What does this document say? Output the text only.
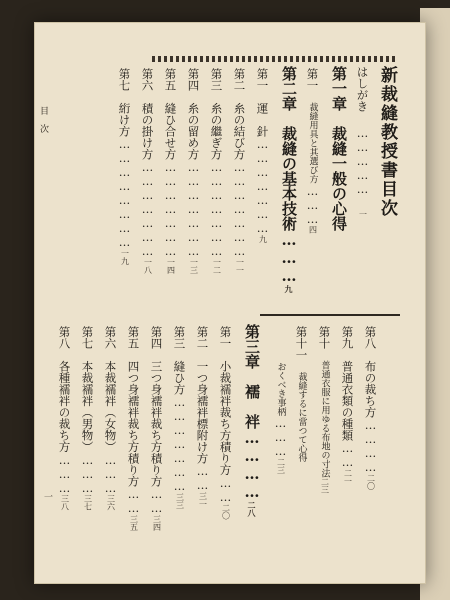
新裁縫教授書目次
はしがき …………… 一
第一章　裁縫一般の心得
第一　裁縫用具と其選び方………四
第二章　裁縫の基本技術………九
第一　運　針…………………九
第二　糸の結び方…………………一一
第三　糸の繼ぎ方…………………一二
第四　糸の留め方…………………一三
第五　縫ひ合せ方…………………一四
第六　積の掛け方…………………一八
第七　絎け方……………………一九
目　次
第八　布の裁ち方…………二〇
第九　普通衣類の種類……二一
第十　普通衣服に用ゆる布地の寸法二三
第十一　裁縫するに當つて心得
おくべき事柄………二三
第三章　襦　袢…………二八
第一　小裁襦袢裁ち方積り方……二〇
第二　一つ身襦袢標附け方……三一
第三　縫ひ方…………………三三
第四　三つ身襦袢裁ち方積り方……三四
第五　四つ身襦袢裁ち方積り方……三五
第六　本裁襦袢（女物）………三六
第七　本裁襦袢（男物）………三七
第八　各種襦袢の裁ち方………三八
一
